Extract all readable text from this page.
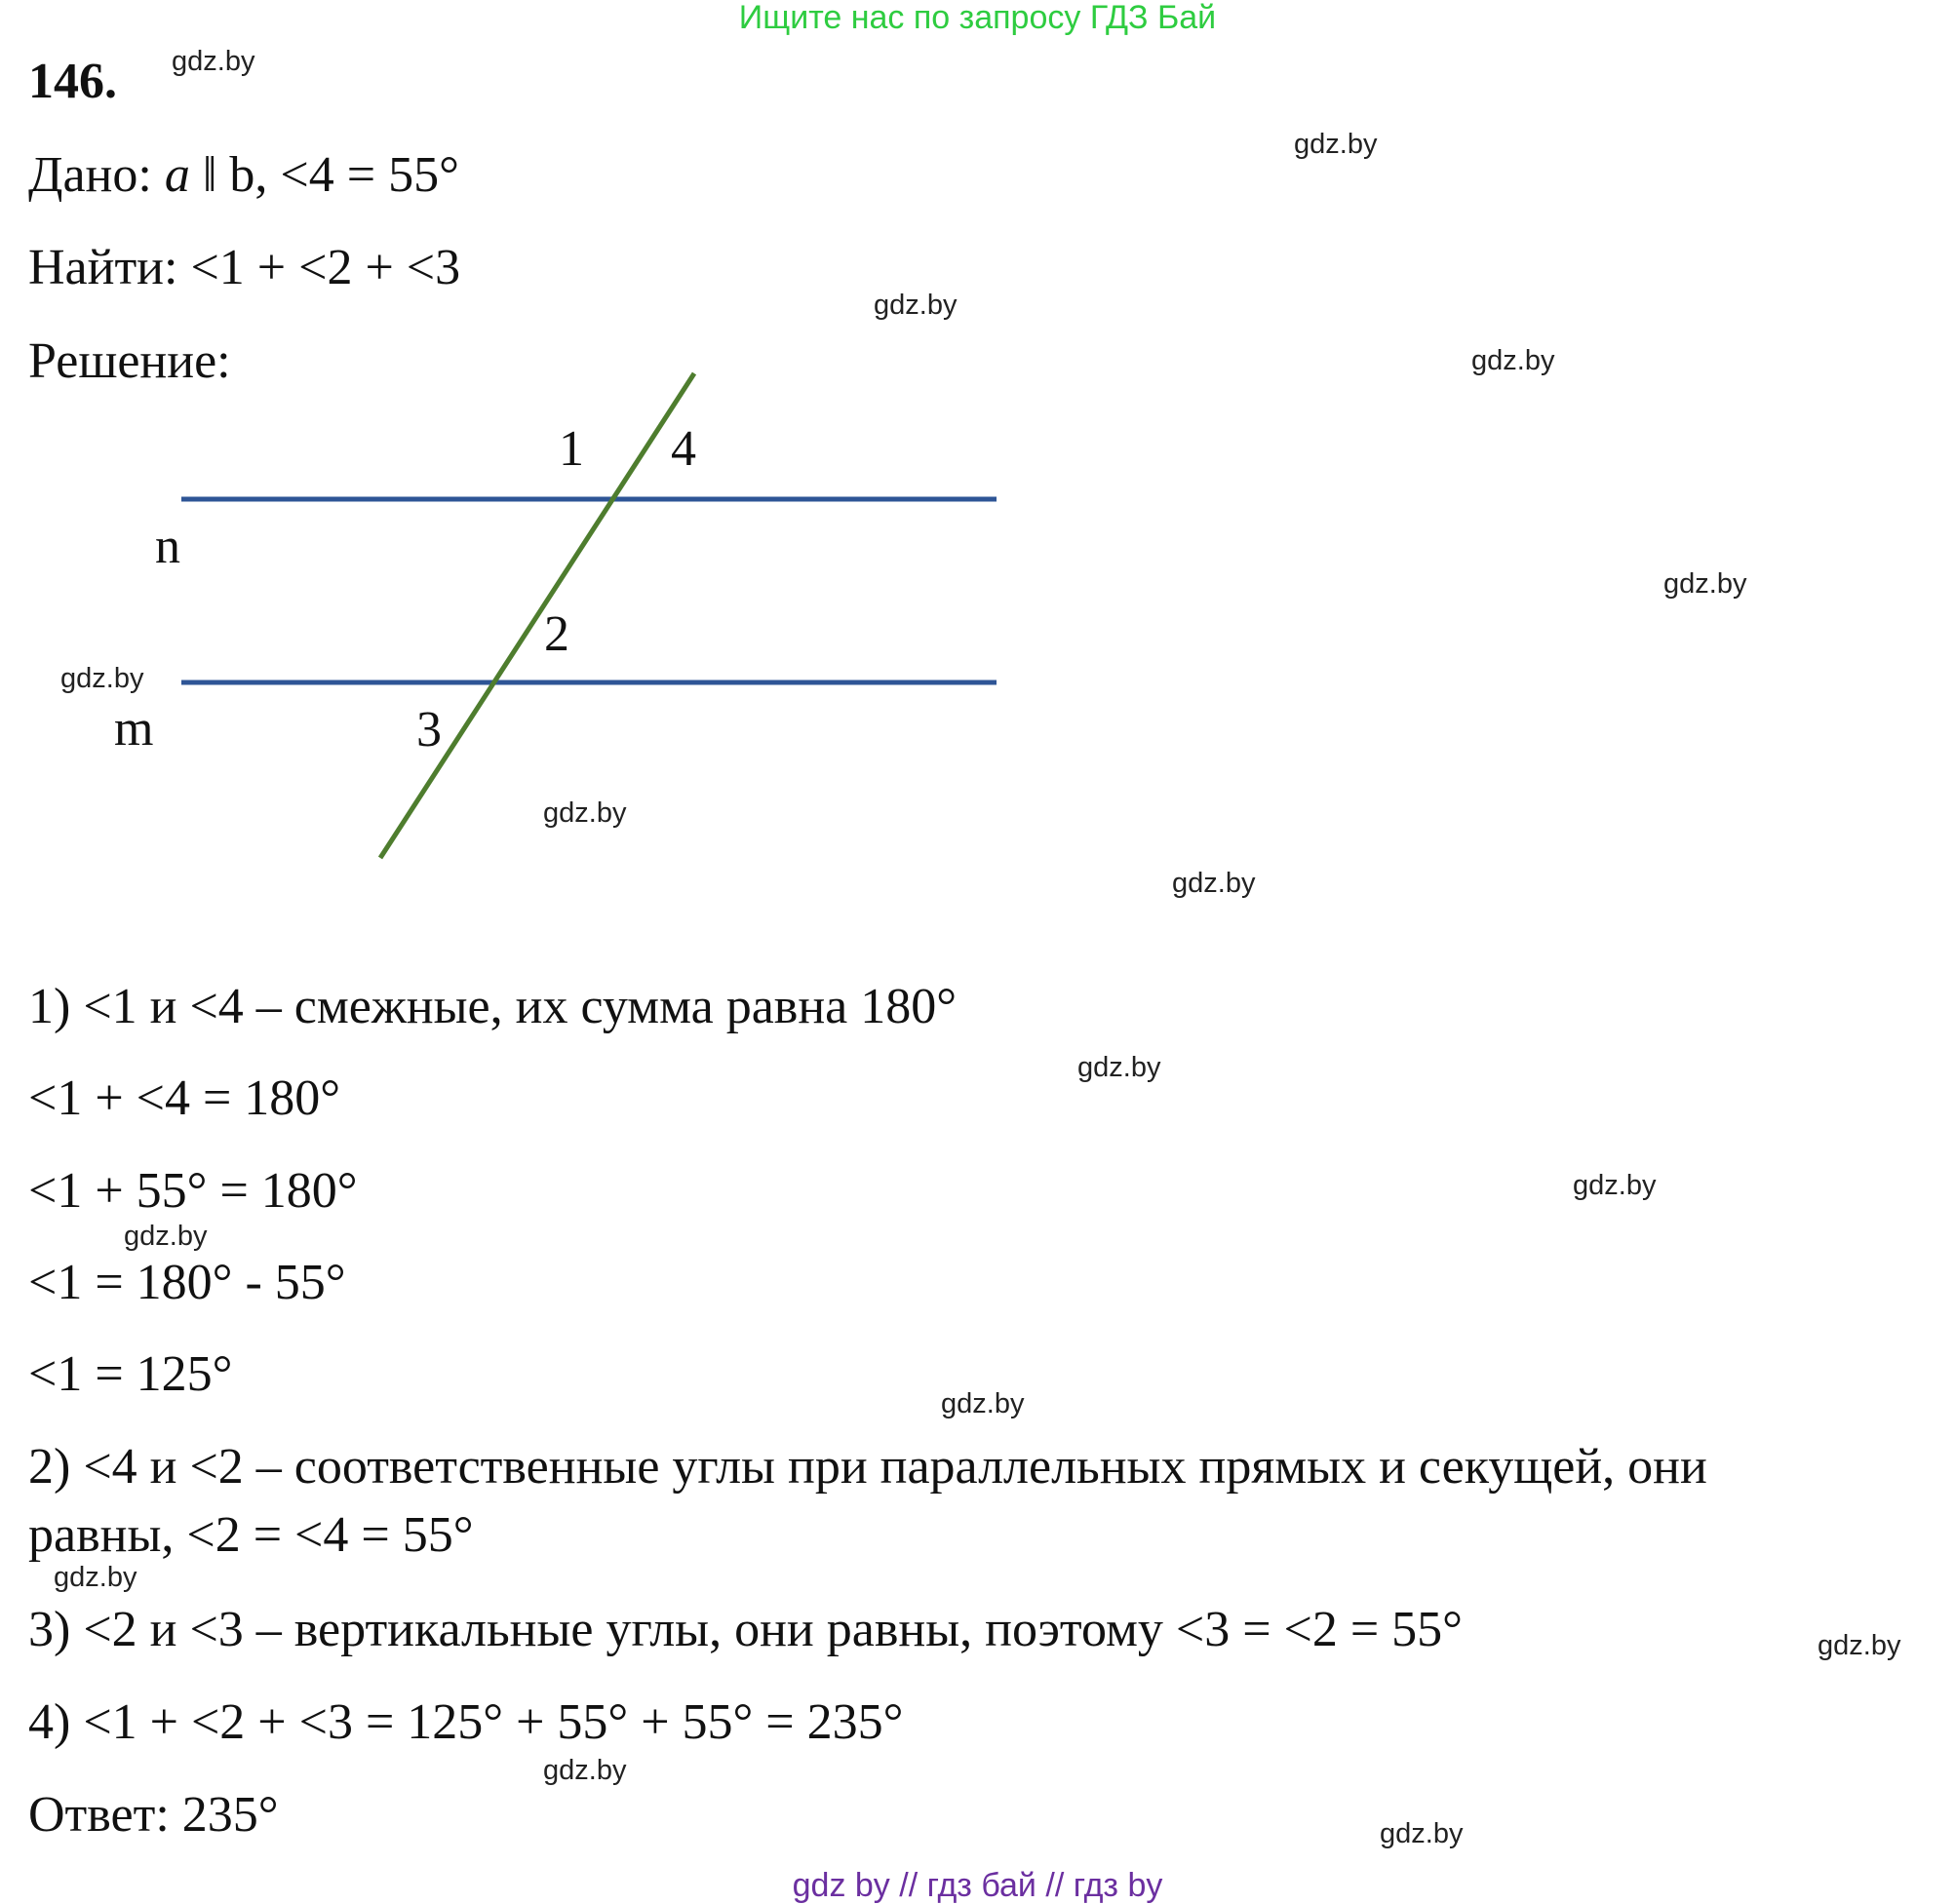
Ищите нас по запросу ГДЗ Бай
146.
Дано: a ‖ b, <4 = 55°
Найти: <1 + <2 + <3
Решение:
1 4
2
3
n
m
1) <1 и <4 – смежные, их сумма равна 180°
<1 + <4 = 180°
<1 + 55° = 180°
<1 = 180° - 55°
<1 = 125°
2) <4 и <2 – соответственные углы при параллельных прямых и секущей, они
равны, <2 = <4 = 55°
3) <2 и <3 – вертикальные углы, они равны, поэтому <3 = <2 = 55°
4) <1 + <2 + <3 = 125° + 55° + 55° = 235°
Ответ: 235°
gdz.by
gdz.by
gdz.by
gdz.by
gdz.by
gdz.by
gdz.by
gdz.by
gdz.by
gdz.by
gdz.by
gdz.by
gdz.by
gdz.by
gdz.by
gdz.by
gdz by // гдз бай // гдз by
